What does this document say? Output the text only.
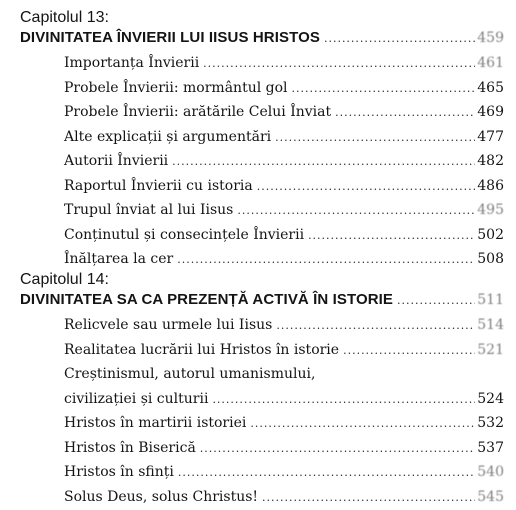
Capitolul 13:
DIVINITATEA ÎNVIERII LUI IISUS HRISTOS .....	459
Importanța Învierii .....	461
Probele Învierii: mormântul gol .....	465
Probele Învierii: arătările Celui Înviat .....	469
Alte explicații și argumentări .....	477
Autorii Învierii .....	482
Raportul Învierii cu istoria .....	486
Trupul înviat al lui Iisus .....	495
Conținutul și consecințele Învierii .....	502
Înălțarea la cer .....	508
Capitolul 14:
DIVINITATEA SA CA PREZENȚĂ ACTIVĂ ÎN ISTORIE .....	511
Relicvele sau urmele lui Iisus .....	514
Realitatea lucrării lui Hristos în istorie .....	521
Creștinismul, autorul umanismului,
civilizației și culturii .....	524
Hristos în martirii istoriei .....	532
Hristos în Biserică .....	537
Hristos în sfinți .....	540
Solus Deus, solus Christus! .....	545
